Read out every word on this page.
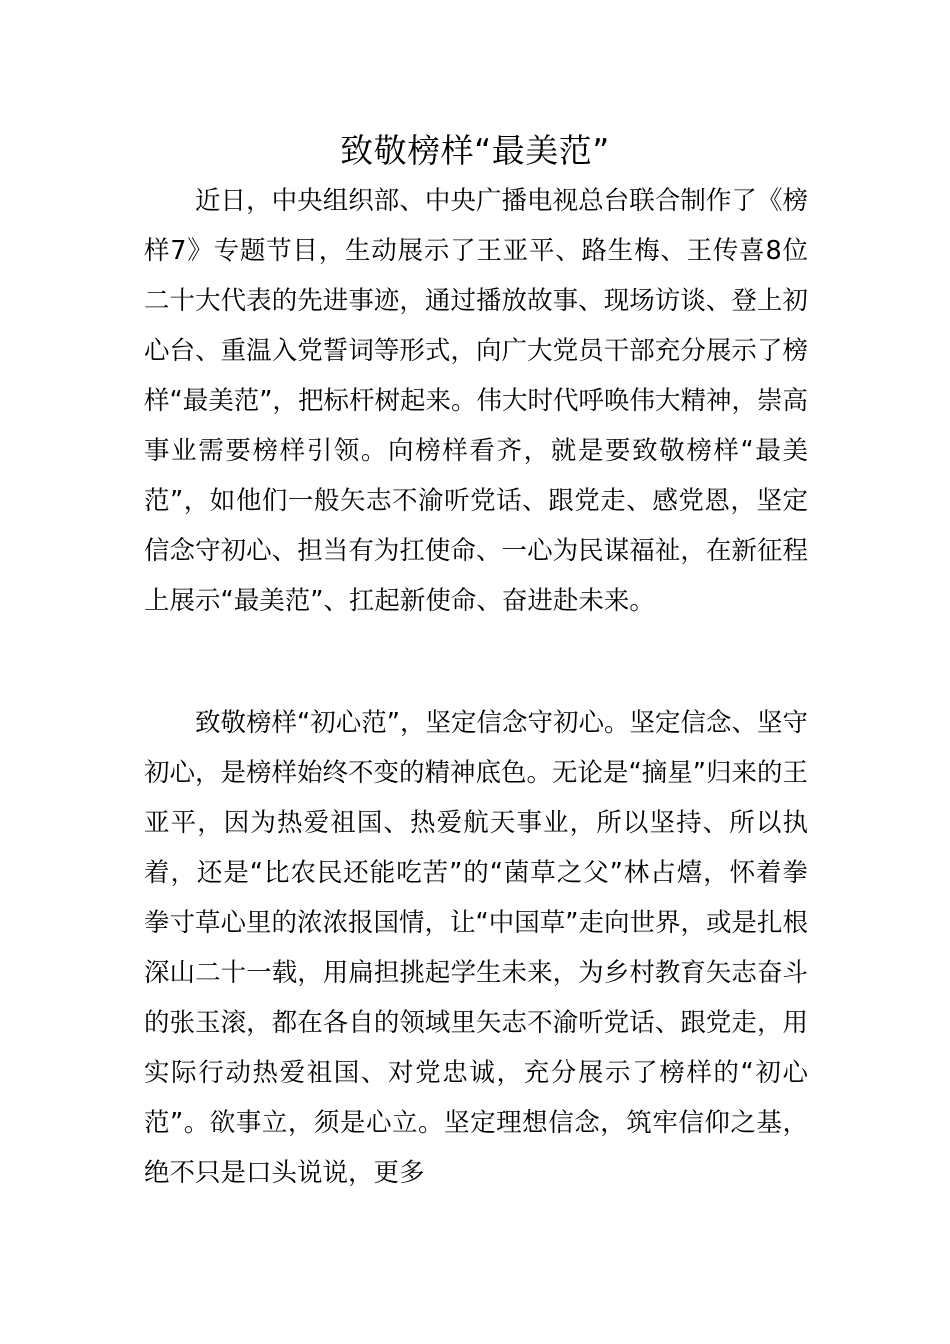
致敬榜样“最美范”

近日，中央组织部、中央广播电视总台联合制作了《榜样7》专题节目，生动展示了王亚平、路生梅、王传喜8位二十大代表的先进事迹，通过播放故事、现场访谈、登上初心台、重温入党誓词等形式，向广大党员干部充分展示了榜样“最美范”，把标杆树起来。伟大时代呼唤伟大精神，崇高事业需要榜样引领。向榜样看齐，就是要致敬榜样“最美范”，如他们一般矢志不渝听党话、跟党走、感党恩，坚定信念守初心、担当有为扛使命、一心为民谋福祉，在新征程上展示“最美范”、扛起新使命、奋进赴未来。

致敬榜样“初心范”，坚定信念守初心。坚定信念、坚守初心，是榜样始终不变的精神底色。无论是“摘星”归来的王亚平，因为热爱祖国、热爱航天事业，所以坚持、所以执着，还是“比农民还能吃苦”的“菌草之父”林占熺，怀着拳拳寸草心里的浓浓报国情，让“中国草”走向世界，或是扎根深山二十一载，用扁担挑起学生未来，为乡村教育矢志奋斗的张玉滚，都在各自的领域里矢志不渝听党话、跟党走，用实际行动热爱祖国、对党忠诚，充分展示了榜样的“初心范”。欲事立，须是心立。坚定理想信念，筑牢信仰之基，绝不只是口头说说，更多
